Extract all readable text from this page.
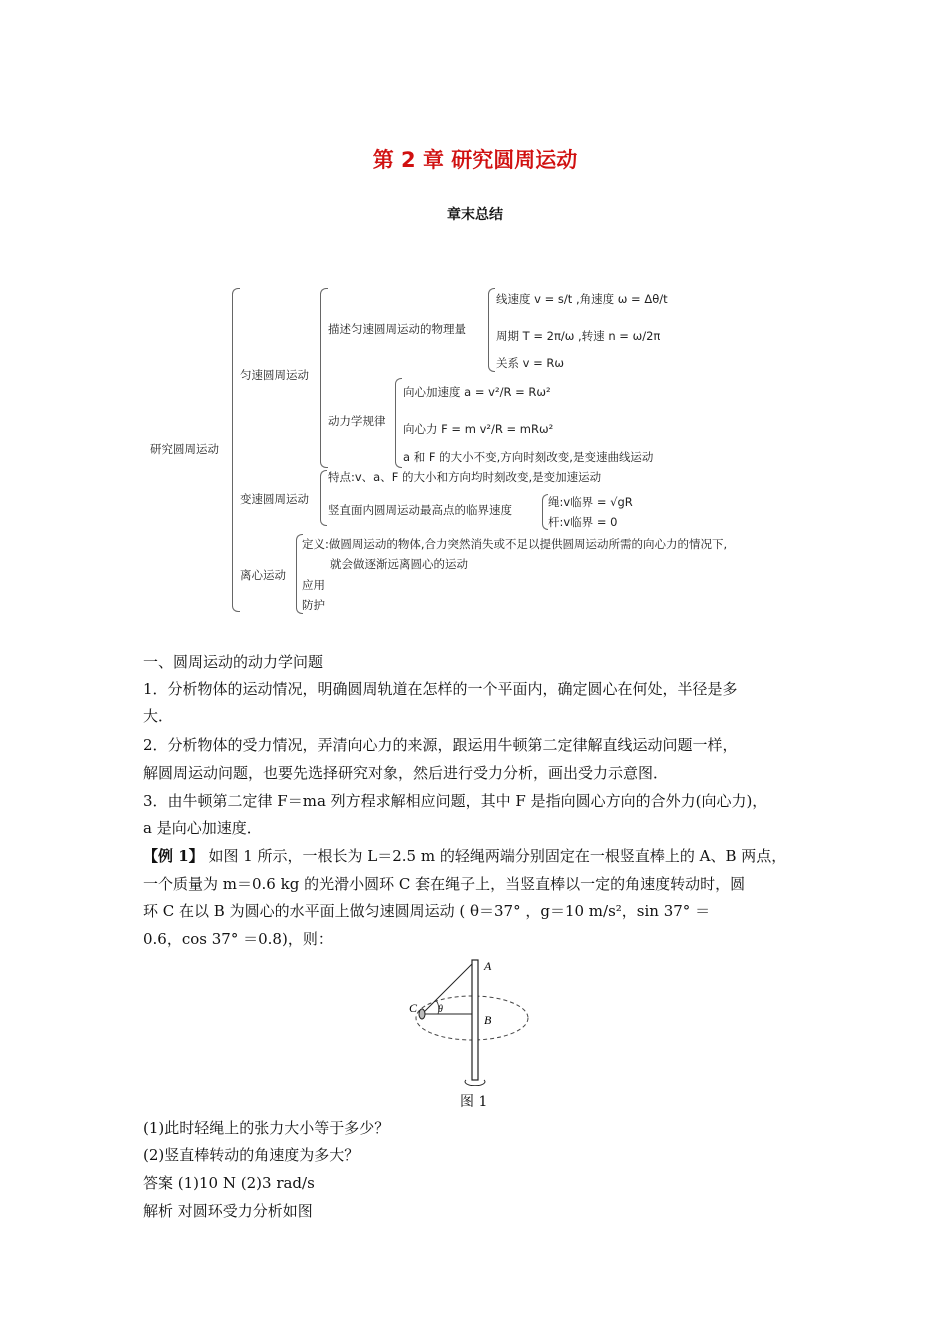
第 2 章 研究圆周运动
章末总结
研究圆周运动
匀速圆周运动
描述匀速圆周运动的物理量
线速度 v = s/t ,角速度 ω = Δθ/t
周期 T = 2π/ω ,转速 n = ω/2π
关系 v = Rω
动力学规律
向心加速度 a = v²/R = Rω²
向心力 F = m v²/R = mRω²
a 和 F 的大小不变,方向时刻改变,是变速曲线运动
变速圆周运动
特点:v、a、F 的大小和方向均时刻改变,是变加速运动
竖直面内圆周运动最高点的临界速度
绳:v临界 = √gR
杆:v临界 = 0
离心运动
定义:做圆周运动的物体,合力突然消失或不足以提供圆周运动所需的向心力的情况下,
就会做逐渐远离圆心的运动
应用
防护
一、圆周运动的动力学问题
1．分析物体的运动情况，明确圆周轨道在怎样的一个平面内，确定圆心在何处，半径是多
大．
2．分析物体的受力情况，弄清向心力的来源，跟运用牛顿第二定律解直线运动问题一样，
解圆周运动问题，也要先选择研究对象，然后进行受力分析，画出受力示意图．
3．由牛顿第二定律 F＝ma 列方程求解相应问题，其中 F 是指向圆心方向的合外力(向心力)，
a 是向心加速度．
【例 1】 如图 1 所示，一根长为 L＝2.5 m 的轻绳两端分别固定在一根竖直棒上的 A、B 两点，
一个质量为 m＝0.6 kg 的光滑小圆环 C 套在绳子上，当竖直棒以一定的角速度转动时，圆
环 C 在以 B 为圆心的水平面上做匀速圆周运动 ( θ＝37° ，g＝10 m/s²，sin 37° ＝
0.6，cos 37° ＝0.8)，则：
A
B
C θ
图 1
(1)此时轻绳上的张力大小等于多少？
(2)竖直棒转动的角速度为多大？
答案 (1)10 N (2)3 rad/s
解析 对圆环受力分析如图
